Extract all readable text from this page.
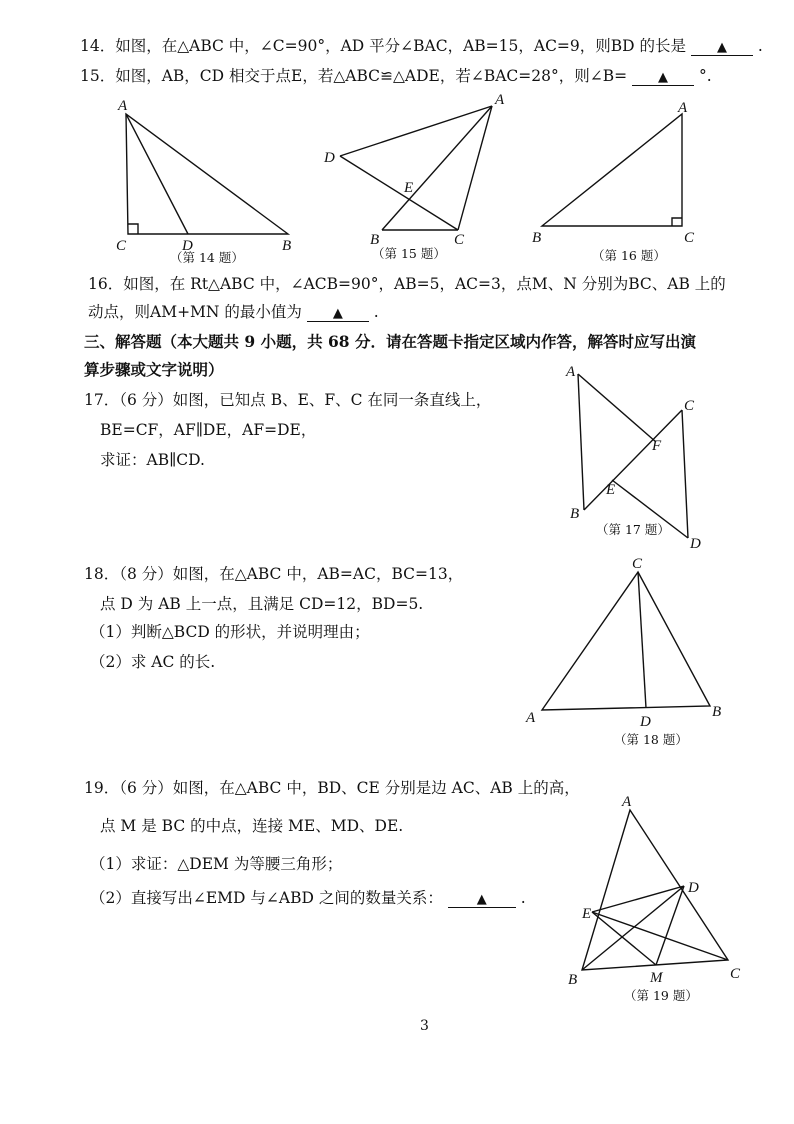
14．如图，在△ABC 中，∠C=90°，AD 平分∠BAC，AB=15，AC=9，则BD 的长是 ▲ .
15．如图，AB，CD 相交于点E，若△ABC≌△ADE，若∠BAC=28°，则∠B= ▲ °.
A
C	D	B
（第 14 题）
A
D
E
B	C
（第 15 题）
A
B	C
（第 16 题）
16．如图，在 Rt△ABC 中，∠ACB=90°，AB=5，AC=3，点M、N 分别为BC、AB 上的
动点，则AM+MN 的最小值为 ▲ .
三、解答题（本大题共 9 小题，共 68 分．请在答题卡指定区域内作答，解答时应写出演
算步骤或文字说明）
17．（6 分）如图，已知点 B、E、F、C 在同一条直线上，
BE=CF，AF∥DE，AF=DE，
求证：AB∥CD.
A
C
F
E
B
D
（第 17 题）
18．（8 分）如图，在△ABC 中，AB=AC，BC=13，
点 D 为 AB 上一点，且满足 CD=12，BD=5.
（1）判断△BCD 的形状，并说明理由；
（2）求 AC 的长.
C
A	D
B
（第 18 题）
19．（6 分）如图，在△ABC 中，BD、CE 分别是边 AC、AB 上的高，
点 M 是 BC 的中点，连接 ME、MD、DE.
（1）求证：△DEM 为等腰三角形；
（2）直接写出∠EMD 与∠ABD 之间的数量关系：	▲ .
A
D
E
B	M	C
（第 19 题）
3
